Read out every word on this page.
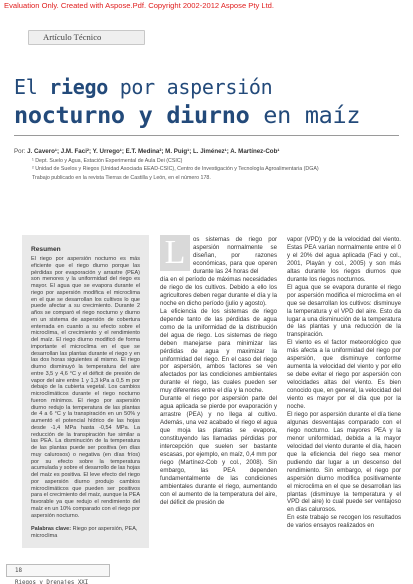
Evaluation Only. Created with Aspose.Pdf. Copyright 2002-2012 Aspose Pty Ltd.
Artículo Técnico
El riego por aspersión
nocturno y diurno en maíz
Por: J. Cavero¹; J.M. Faci²; Y. Urrego¹; E.T. Medina²; M. Puig¹; L. Jiménez¹; A. Martínez-Cob¹
¹ Dept. Suelo y Agua, Estación Experimental de Aula Dei (CSIC)
² Unidad de Suelos y Riegos (Unidad Asociada EEAD-CSIC), Centro de Investigación y Tecnología Agroalimentaria (DGA)
Trabajo publicado en la revista Tierras de Castilla y León, en el número 178.
Resumen
El riego por aspersión nocturno es más eficiente que el riego diurno porque las pérdidas por evaporación y arrastre (PEA) son menores y la uniformidad del riego es mayor. El agua que se evapora durante el riego por aspersión modifica el microclima en el que se desarrollan los cultivos lo que puede afectar a su crecimiento. Durante 2 años se comparó el riego nocturno y diurno en un sistema de aspersión de cobertura enterrada en cuanto a su efecto sobre el microclima, el crecimiento y el rendimiento del maíz. El riego diurno modificó de forma importante el microclima en el que se desarrollan las plantas durante el riego y en las dos horas siguientes al mismo. El riego diurno disminuyó la temperatura del aire entre 3,5 y 4,6 °C y el déficit de presión de vapor del aire entre 1 y 1,3 kPa a 0,5 m por debajo de la cubierta vegetal. Los cambios microclimáticos durante el riego nocturno fueron mínimos. El riego por aspersión diurno redujo la temperatura de las plantas de 4 a 6 °C y la transpiración en un 50% y aumentó el potencial hídrico de las hojas desde -1,4 MPa hasta -0,54 MPa. La reducción de la transpiración fue similar a las PEA. La disminución de la temperatura de las plantas puede ser positiva (en días muy calurosos) o negativa (en días fríos) por su efecto sobre la temperatura acumulada y sobre el desarrollo de las hojas del maíz es positiva. El leve efecto del riego por aspersión diurno produjo cambios microclimáticos que pueden ser positivos para el crecimiento del maíz, aunque la PEA favorable ya que redujo el rendimiento del maíz en un 10% comparado con el riego por aspersión nocturno.
Palabras clave: Riego por aspersión, PEA, microclima
L	os sistemas de riego por aspersión normalmente se diseñan, por razones económicas, para que operen durante las 24 horas del

día en el período de máximas necesidades de riego de los cultivos. Debido a ello los agricultores deben regar durante el día y la noche en dicho período (julio y agosto).

La eficiencia de los sistemas de riego depende tanto de las pérdidas de agua como de la uniformidad de la distribución del agua de riego. Los sistemas de riego deben manejarse para minimizar las pérdidas de agua y maximizar la uniformidad del riego. En el caso del riego por aspersión, ambos factores se ven afectados por las condiciones ambientales durante el riego, las cuales pueden ser muy diferentes entre el día y la noche.

Durante el riego por aspersión parte del agua aplicada se pierde por evaporación y arrastre (PEA) y no llega al cultivo. Además, una vez acabado el riego el agua que moja las plantas se evapora, constituyendo las llamadas pérdidas por intercepción que suelen ser bastante escasas, por ejemplo, en maíz, 0,4 mm por riego (Martínez-Cob y col., 2008). Sin embargo, las PEA dependen fundamentalmente de las condiciones ambientales durante el riego, aumentando con el aumento de la temperatura del aire, del déficit de presión de

vapor (VPD) y de la velocidad del viento. Estas PEA varían normalmente entre el 0 y el 20% del agua aplicada (Faci y col., 2001, Playán y col., 2005) y son más altas durante los riegos diurnos que durante los riegos nocturnos.

El agua que se evapora durante el riego por aspersión modifica el microclima en el que se desarrollan los cultivos: disminuye la temperatura y el VPD del aire. Esto da lugar a una disminución de la temperatura de las plantas y una reducción de la transpiración.

El viento es el factor meteorológico que más afecta a la uniformidad del riego por aspersión, que disminuye conforme aumenta la velocidad del viento y por ello se debe evitar el riego por aspersión con velocidades altas del viento. Es bien conocido que, en general, la velocidad del viento es mayor por el día que por la noche.

El riego por aspersión durante el día tiene algunas desventajas comparado con el riego nocturno. Las mayores PEA y la menor uniformidad, debida a la mayor velocidad del viento durante el día, hacen que la eficiencia del riego sea menor pudiendo dar lugar a un descenso del rendimiento. Sin embargo, el riego por aspersión diurno modifica positivamente el microclima en el que se desarrollan las plantas (disminuye la temperatura y el VPD del aire) lo cual puede ser ventajoso en días calurosos.

En este trabajo se recogen los resultados de varios ensayos realizados en

18
Riegos y Drenajes XXI
